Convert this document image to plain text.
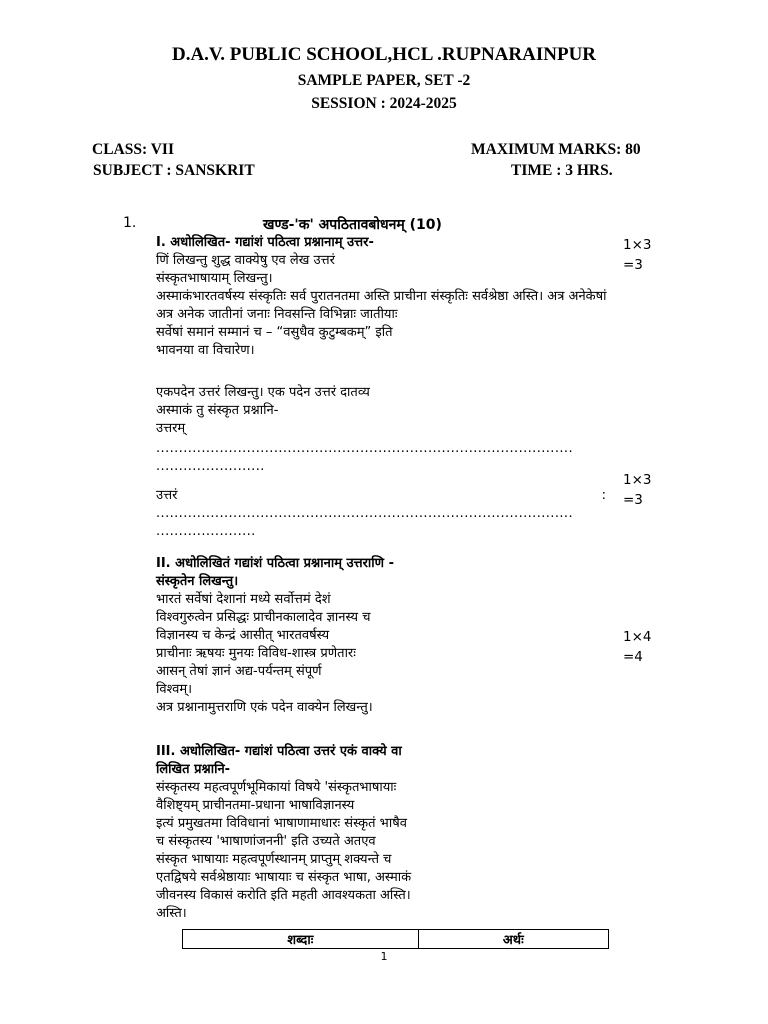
D.A.V. PUBLIC SCHOOL,HCL .RUPNARAINPUR
SAMPLE PAPER, SET -2
SESSION : 2024-2025
CLASS: VII
SUBJECT : SANSKRIT
MAXIMUM MARKS: 80
TIME : 3 HRS.
1.	खण्ड-'क' अपठितावबोधनम् (10)

I. अधोलिखित- गद्यांशं पठित्वा प्रश्नानाम् उत्तर-

णिं लिखन्तु शुद्ध वाक्येषु एव लेख उत्तरं

संस्कृतभाषायाम् लिखन्तु।

अस्माकंभारतवर्षस्य संस्कृतिः सर्व पुरातनतमा अस्ति प्राचीना संस्कृतिः सर्वश्रेष्ठा अस्ति। अत्र अनेकेषां

अत्र अनेक जातीनां जनाः निवसन्ति विभिन्नाः जातीयाः

सर्वेषां समानं सम्मानं च – “वसुधैव कुटुम्बकम्” इति

भावनया वा विचारेण।

एकपदेन उत्तरं लिखन्तु। एक पदेन उत्तरं दातव्य

अस्माकं तु संस्कृत प्रश्नानि-

उत्तरम्

............................................................................................
........................

उत्तरं	:

............................................................................................

......................

II. अधोलिखितं गद्यांशं पठित्वा प्रश्नानाम् उत्तराणि -

संस्कृतेन लिखन्तु।

भारतं सर्वेषां देशानां मध्ये सर्वोत्तमं देशं

विश्वगुरुत्वेन प्रसिद्धः प्राचीनकालादेव ज्ञानस्य च

विज्ञानस्य च केन्द्रं आसीत् भारतवर्षस्य

प्राचीनाः ऋषयः मुनयः विविध-शास्त्र प्रणेतारः

आसन् तेषां ज्ञानं अद्य-पर्यन्तम् संपूर्ण

विश्वम्।

अत्र प्रश्नानामुत्तराणि एकं पदेन वाक्येन लिखन्तु।

III. अधोलिखित- गद्यांशं पठित्वा उत्तरं एकं वाक्ये वा

लिखित प्रश्नानि-

संस्कृतस्य महत्वपूर्णभूमिकायां विषये 'संस्कृतभाषायाः

वैशिष्ट्यम् प्राचीनतमा-प्रधाना भाषाविज्ञानस्य

इत्यं प्रमुखतमा विविधानां भाषाणामाधारः संस्कृतं भाषैव

च संस्कृतस्य 'भाषाणांजननी' इति उच्यते अतएव

संस्कृत भाषायाः महत्वपूर्णस्थानम् प्राप्तुम् शक्यन्ते च

एतद्विषये सर्वश्रेष्ठायाः भाषायाः च संस्कृत भाषा, अस्माकं

जीवनस्य विकासं करोति इति महती आवश्यकता अस्ति।

अस्ति।

1×3
=3
1×3
=3
1×4
=4
शब्दाः	अर्थः
1
